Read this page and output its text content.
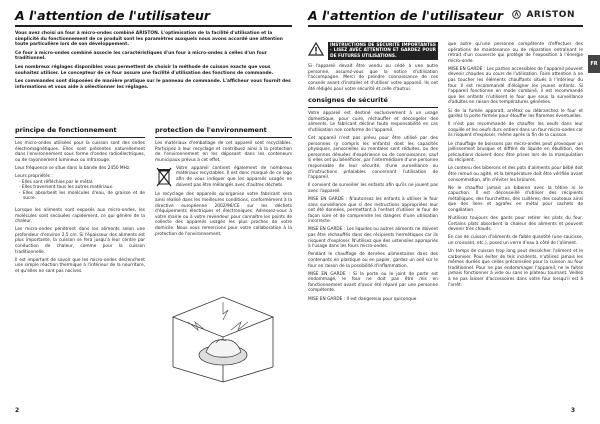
A l'attention de l'utilisateur

Vous avez choisi un four à micro-ondes combiné ARISTON. L'optimisation de la facilité d'utilisation et la simplicité du fonctionnement de ce produit sont les paramètres auxquels nous avons accordé une attention toute particulière lors de son développement.

Ce four à micro-ondes combiné associe les caractéristiques d'un four à micro-ondes à celles d'un four traditionnel.

Les nombreux réglages disponibles vous permettent de choisir la méthode de cuisson exacte que vous souhaitez utiliser. Le concepteur de ce four assure une facilité d'utilisation des fonctions de commande.

Les commandes sont disposées de manière pratique sur le panneau de commande. L'afficheur vous fournit des informations et vous aide à sélectionner les réglages.

principe de fonctionnement

Les micro-ondes utilisées pour la cuisson sont des ondes électromagnétiques. Elles sont présentes naturellement dans l'environnement sous forme d'ondes radioélectriques, ou de rayonnement lumineux ou infrarouge.

Leur fréquence se situe dans la bande des 2450 MHz.

Leurs propriétés :

- Elles sont réfléchies par le métal.

- Elles traversent tous les autres matériaux.

- Elles absorbent les molécules d'eau, de graisse et de sucre.

Lorsque les aliments sont exposés aux micro-ondes, les molécules sont secouées rapidement, ce qui génère de la chaleur.

Les micro-ondes pénètrent dans les aliments selon une profondeur d'environ 2,5 cm. Si l'épaisseur des aliments est plus importante, la cuisson se fera jusqu'à leur centre par conduction de chaleur, comme pour la cuisson traditionnelle.

Il est important de savoir que les micro-ondes déclenchent une simple réaction thermique à l'intérieur de la nourriture, et qu'elles ne sont pas nocives.

protection de l'environnement

Les matériaux d'emballage de cet appareil sont recyclables. Participez à leur recyclage et contribuez ainsi à la protection de l'environnement en les déposant dans les conteneurs municipaux prévus à cet effet.

Votre appareil contient également de nombreux matériaux recyclables. Il est donc marqué de ce logo afin de vous indiquer que les appareils usagés ne doivent pas être mélangés avec d'autres déchets.

Le recyclage des appareils qu'organise votre fabricant sera ainsi réalisé dans les meilleures conditions, conformément à la directive européenne 2002/96/CE sur les déchets d'équipements électriques et électroniques. Adressez-vous à votre mairie ou à votre revendeur pour connaître les points de collecte des appareils usagés les plus proches de votre domicile. Nous vous remercions pour votre collaboration à la protection de l'environnement.

2
A l'attention de l'utilisateur	ARISTON
FR
INSTRUCTIONS DE SÉCURITÉ IMPORTANTES - LISEZ AVEC ATTENTION ET GARDEZ POUR DE FUTURES UTILISATIONS.

Si l'appareil devait être vendu ou cédé à une autre personne, assurez-vous que la notice d'utilisation l'accompagne. Merci de prendre connaissance de ces conseils avant d'installer et d'utiliser votre appareil. Ils ont été rédigés pour votre sécurité et celle d'autrui.

consignes de sécurité

Votre appareil est destiné exclusivement à un usage domestique, pour cuire, réchauffer et décongeler des aliments. Le fabricant décline toute responsabilité en cas d'utilisation non conforme de l'appareil.

Cet appareil n'est pas prévu pour être utilisé par des personnes (y compris les enfants) dont les capacités physiques, sensorielles ou mentales sont réduites, ou des personnes dénuées d'expérience ou de connaissance, sauf si elles ont pu bénéficier, par l'intermédiaire d'une personne responsable de leur sécurité, d'une surveillance ou d'instructions préalables concernant l'utilisation de l'appareil.

Il convient de surveiller les enfants afin qu'ils ne jouent pas avec l'appareil.

MISE EN GARDE : N'autorisez les enfants à utiliser le four sans surveillance que si des instructions appropriées leur ont été données, permettant à l'enfant d'utiliser le four de façon sûre et de comprendre les dangers d'une utilisation incorrecte.

MISE EN GARDE : Les liquides ou autres aliments ne doivent pas être réchauffés dans des récipients hermétiques car ils risquent d'exploser. N'utilisez que des ustensiles appropriés à l'usage dans les fours micro-ondes.

Pendant le chauffage de denrées alimentaires dans des contenants en plastique ou en papier, gardez un oeil sur le four en raison de la possibilité d'inflammation.

MISE EN GARDE : Si la porte ou le joint de porte est endommagé, le four ne doit pas être mis en fonctionnement avant d'avoir été réparé par une personne compétente.

MISE EN GARDE : Il est dangereux pour quiconque

que autre qu'une personne compétente d'effectuer des opérations de maintenance ou de réparation entraînant le retrait d'un couvercle qui protège de l'exposition à l'énergie micro-onde.

MISE EN GARDE : Les parties accessibles de l'appareil peuvent devenir chaudes au cours de l'utilisation. Faire attention à ne pas toucher les éléments chauffants situés à l'intérieur du four. Il est recommandé d'éloigner les jeunes enfants. Si l'appareil fonctionne en mode combiné, il est recommandé que les enfants n'utilisent le four que sous la surveillance d'adultes en raison des températures générées.

Si de la fumée apparaît, arrêtez ou débranchez le four et gardez la porte fermée pour étouffer les flammes éventuelles.

Il n'est pas recommandé de chauffer les oeufs dans leur coquille et les oeufs durs entiers dans un four micro-ondes car ils risquent d'exploser, même après la fin de la cuisson.

Le chauffage de boissons par micro-ondes peut provoquer un jaillissement brusque et différé de liquide en ébullition, des précautions doivent donc être prises lors de la manipulation du récipient.

Le contenu des biberons et des pots d'aliments pour bébé doit être remué ou agité, et la température doit être vérifiée avant consommation, afin d'éviter les brûlures.

Ne le chauffez jamais un biberon avec la tétine ni le capuchon. Il est déconseillé d'utiliser des récipients métalliques, des fourchettes, des cuillères, des couteaux ainsi que des liens et agrafes en métal pour sachets de congélation.

N'utilisez toujours des gants pour retirer les plats du four. Certains plats absorbent la chaleur des aliments et peuvent devenir très chauds.

En cas de cuisson d'aliments de faible quantité (une saucisse, un croissant, etc.), posez un verre d'eau à côté de l'aliment.

Un temps de cuisson trop long peut dessécher l'aliment et le carboniser. Pour éviter de tels incidents, n'utilisez jamais les mêmes durées que celles préconisées pour la cuisson au four traditionnel. Pour ne pas endommager l'appareil, ne le faites jamais fonctionner à vide ou sans le plateau tournant. Veillez à ne pas laisser d'accessoires dans votre four lorsqu'il est à l'arrêt.

3
